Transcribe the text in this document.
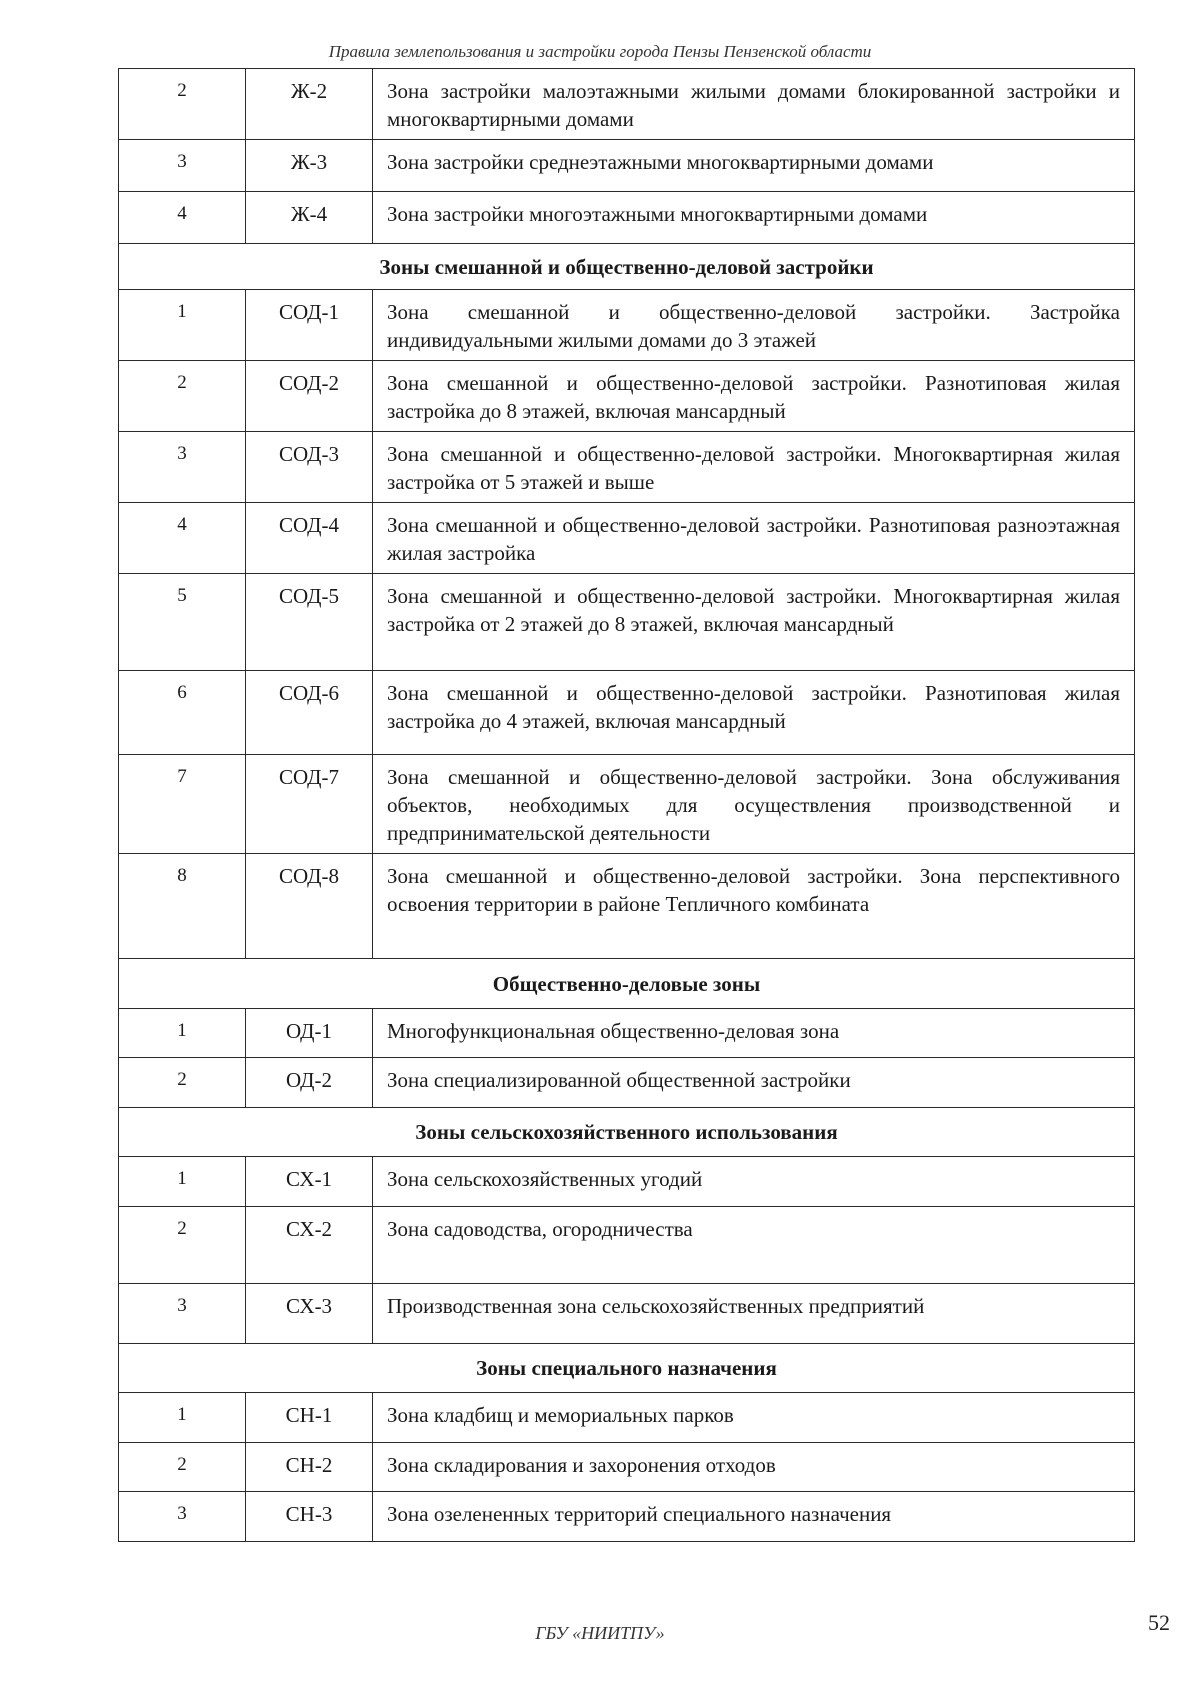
Правила землепользования и застройки города Пензы Пензенской области
2	Ж-2	Зона застройки малоэтажными жилыми домами блокированной застройки и многоквартирными домами
3	Ж-3	Зона застройки среднеэтажными многоквартирными домами
4	Ж-4	Зона застройки многоэтажными многоквартирными домами
Зоны смешанной и общественно-деловой застройки		
1	СОД-1	Зона смешанной и общественно-деловой застройки. Застройка индивидуальными жилыми домами до 3 этажей
2	СОД-2	Зона смешанной и общественно-деловой застройки. Разнотиповая жилая застройка до 8 этажей, включая мансардный
3	СОД-3	Зона смешанной и общественно-деловой застройки. Многоквартирная жилая застройка от 5 этажей и выше
4	СОД-4	Зона смешанной и общественно-деловой застройки. Разнотиповая разноэтажная жилая застройка
5	СОД-5	Зона смешанной и общественно-деловой застройки. Многоквартирная жилая застройка от 2 этажей до 8 этажей, включая мансардный
6	СОД-6	Зона смешанной и общественно-деловой застройки. Разнотиповая жилая застройка до 4 этажей, включая мансардный
7	СОД-7	Зона смешанной и общественно-деловой застройки. Зона обслуживания объектов, необходимых для осуществления производственной и предпринимательской деятельности
8	СОД-8	Зона смешанной и общественно-деловой застройки. Зона перспективного освоения территории в районе Тепличного комбината
Общественно-деловые зоны		
1	ОД-1	Многофункциональная общественно-деловая зона
2	ОД-2	Зона специализированной общественной застройки
Зоны сельскохозяйственного использования		
1	СХ-1	Зона сельскохозяйственных угодий
2	СХ-2	Зона садоводства, огородничества
3	СХ-3	Производственная зона сельскохозяйственных предприятий
Зоны специального назначения		
1	СН-1	Зона кладбищ и мемориальных парков
2	СН-2	Зона складирования и захоронения отходов
3	СН-3	Зона озелененных территорий специального назначения
ГБУ «НИИТПУ»	52
